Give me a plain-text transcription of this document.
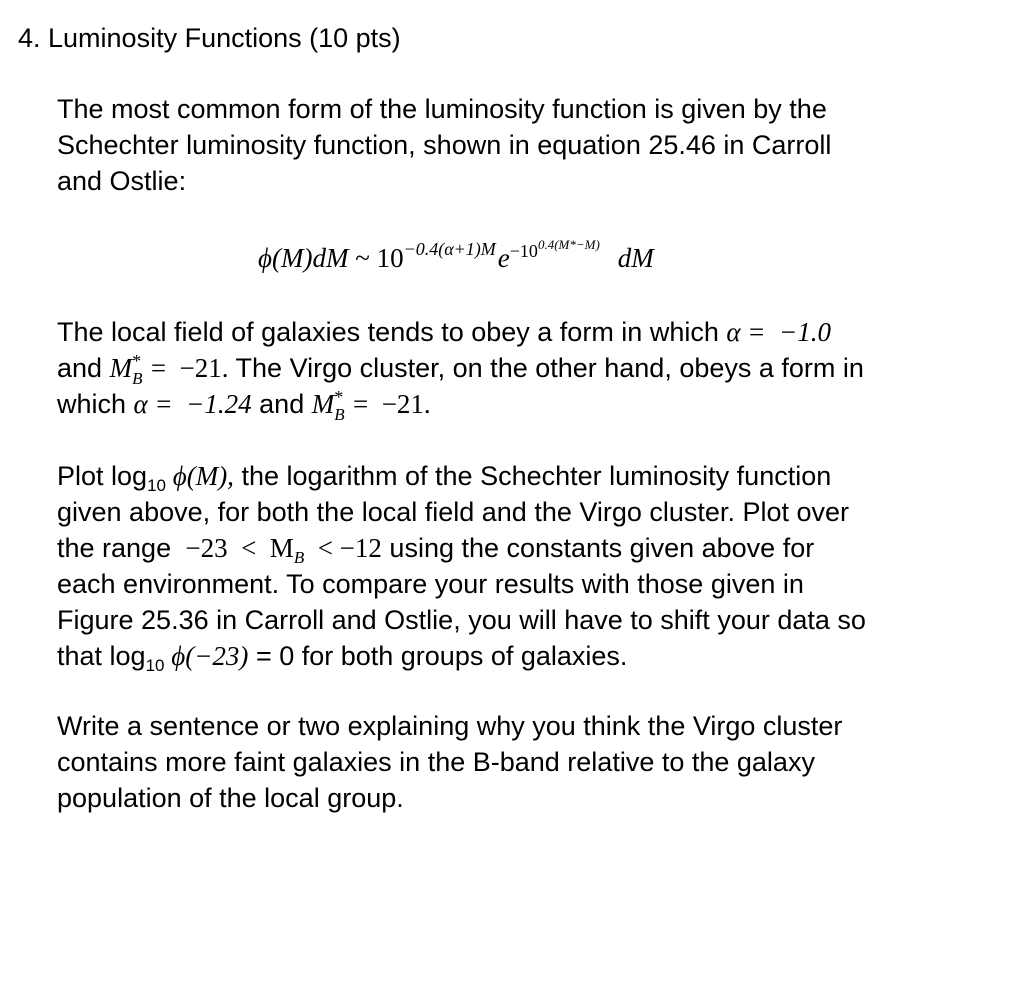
4. Luminosity Functions (10 pts)
The most common form of the luminosity function is given by the
Schechter luminosity function, shown in equation 25.46 in Carroll
and Ostlie:
ϕ(M)dM ~ $10^{-0.4(\alpha+1)M}e^{-100.4(M*-M)}$ dM
The local field of galaxies tends to obey a form in which α =  −1.0
and M *
B =  −21. The Virgo cluster, on the other hand, obeys a form in
which α =  −1.24 and M *
B =  −21.
Plot $\log_{10} \phi(M)$, the logarithm of the Schechter luminosity function
given above, for both the local field and the Virgo cluster. Plot over
the range  $-23 < M_B < -12$ using the constants given above for
each environment. To compare your results with those given in
Figure 25.36 in Carroll and Ostlie, you will have to shift your data so
that $\log_{10} \phi(-23) = 0$ for both groups of galaxies.
Write a sentence or two explaining why you think the Virgo cluster
contains more faint galaxies in the B-band relative to the galaxy
population of the local group.
